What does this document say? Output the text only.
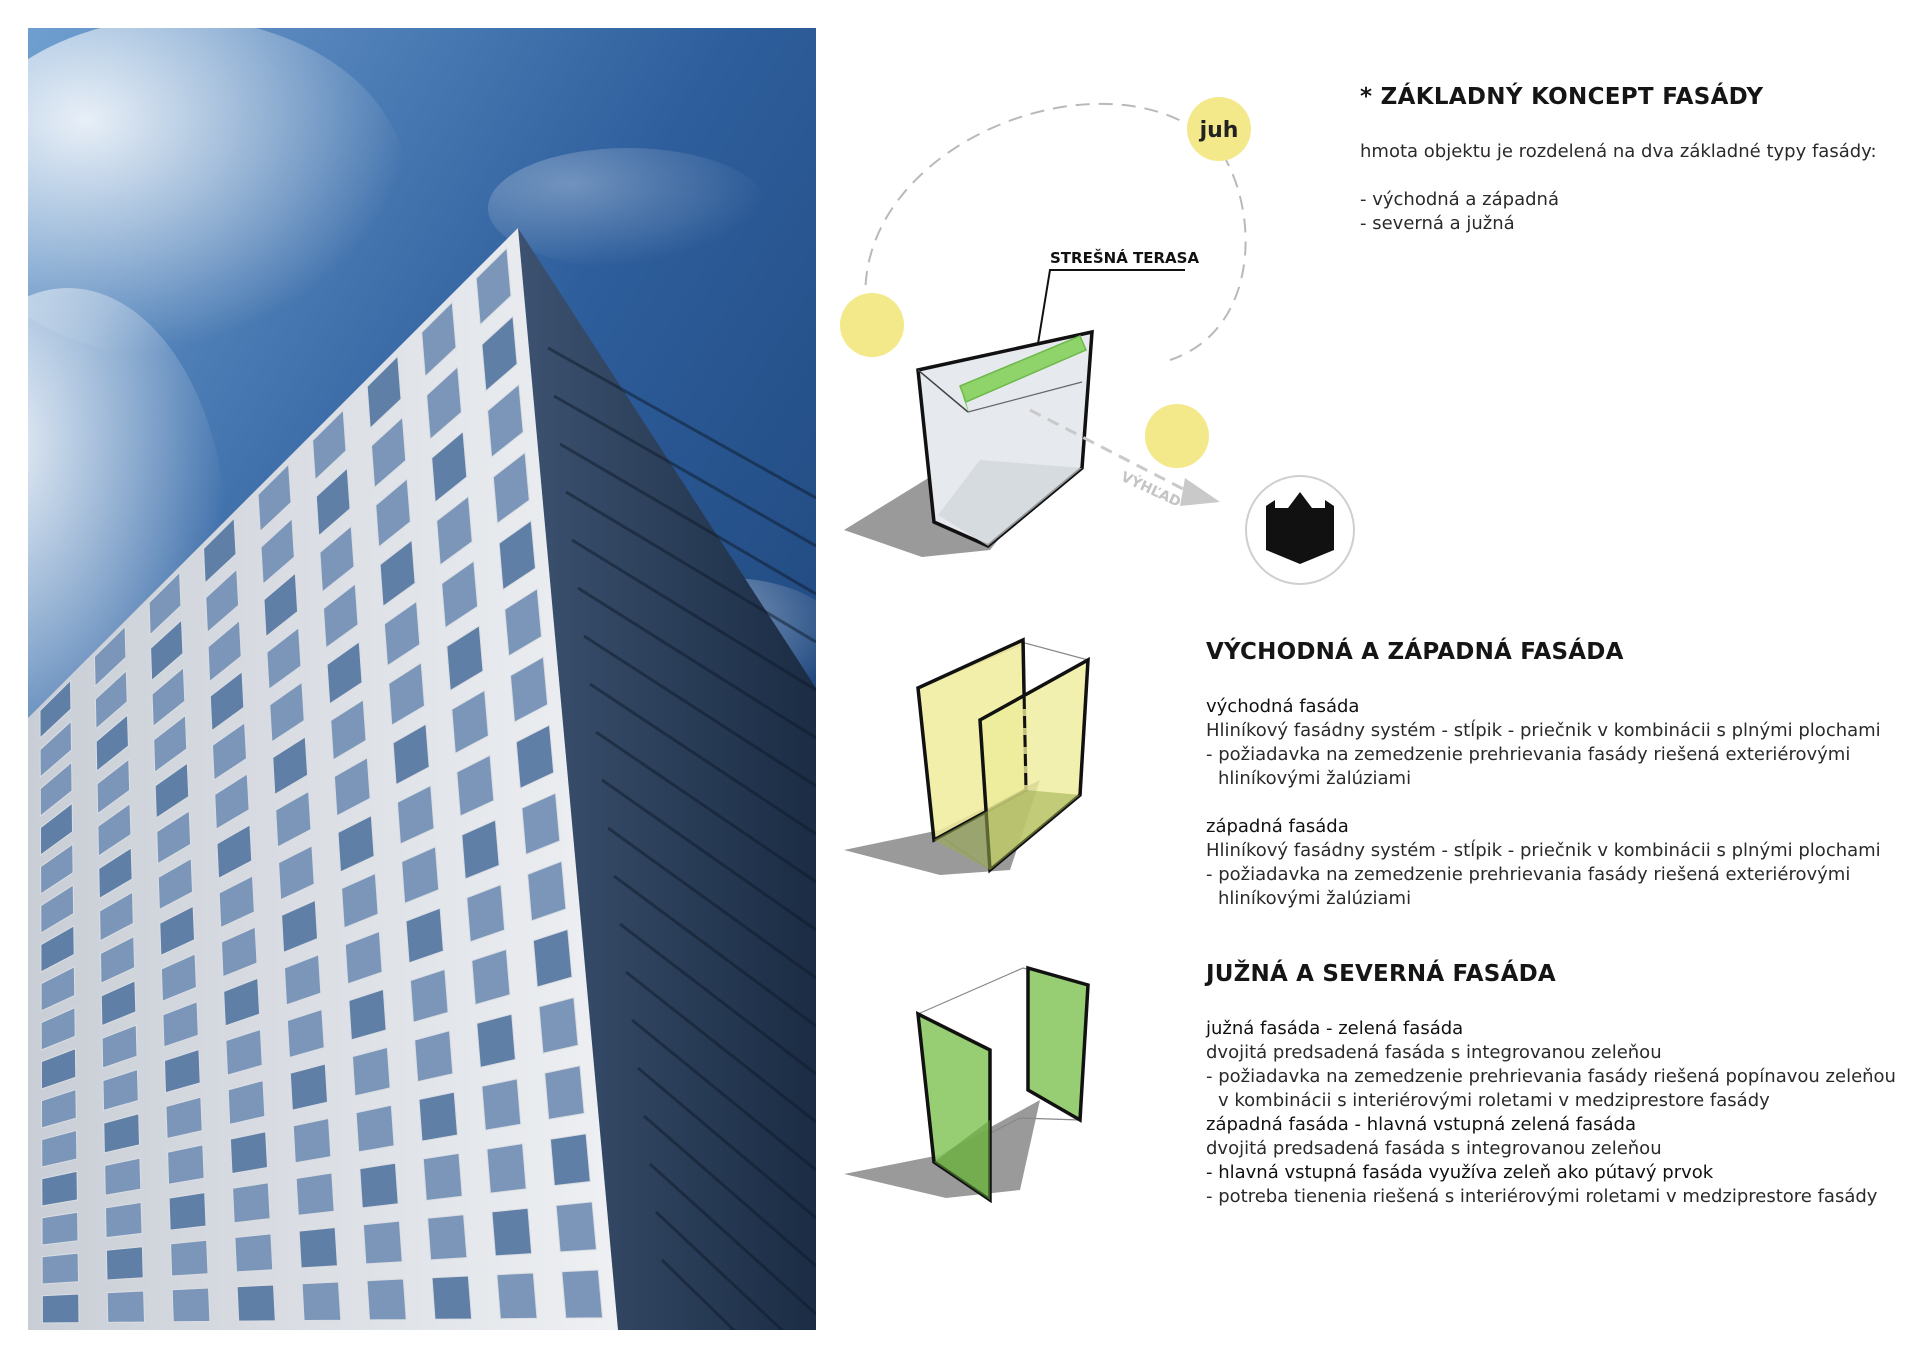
juh
STREŠNÁ TERASA
VÝHĽAD
* ZÁKLADNÝ KONCEPT FASÁDY
hmota objektu je rozdelená na dva základné typy fasády:
- východná a západná
- severná a južná
VÝCHODNÁ A ZÁPADNÁ FASÁDA
východná fasáda
Hliníkový fasádny systém - stĺpik - priečnik v kombinácii s plnými plochami
- požiadavka na zemedzenie prehrievania fasády riešená exteriérovými
hliníkovými žalúziami
západná fasáda
Hliníkový fasádny systém - stĺpik - priečnik v kombinácii s plnými plochami
- požiadavka na zemedzenie prehrievania fasády riešená exteriérovými
hliníkovými žalúziami
JUŽNÁ A SEVERNÁ FASÁDA
južná fasáda - zelená fasáda
dvojitá predsadená fasáda s integrovanou zeleňou
- požiadavka na zemedzenie prehrievania fasády riešená popínavou zeleňou
v kombinácii s interiérovými roletami v medziprestore fasády
západná fasáda - hlavná vstupná zelená fasáda
dvojitá predsadená fasáda s integrovanou zeleňou
- hlavná vstupná fasáda využíva zeleň ako pútavý prvok
- potreba tienenia riešená s interiérovými roletami v medziprestore fasády
